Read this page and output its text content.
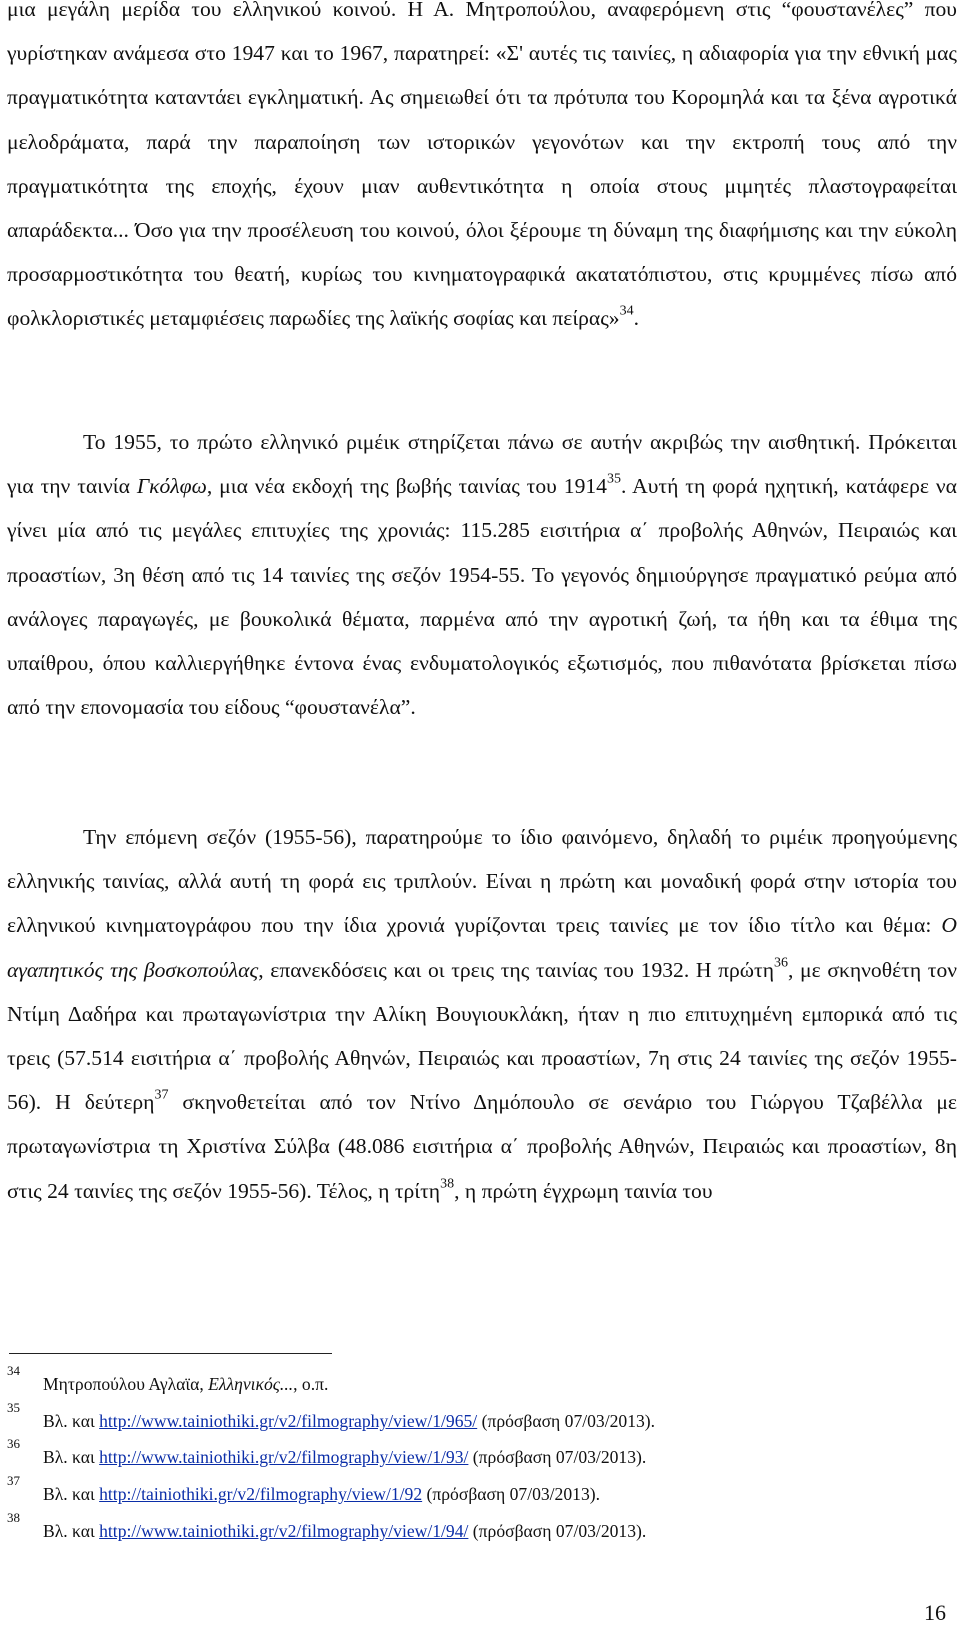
μια μεγάλη μερίδα του ελληνικού κοινού. Η Α. Μητροπούλου, αναφερόμενη στις “φουστανέλες” που γυρίστηκαν ανάμεσα στο 1947 και το 1967, παρατηρεί: «Σ' αυτές τις ταινίες, η αδιαφορία για την εθνική μας πραγματικότητα καταντάει εγκληματική. Ας σημειωθεί ότι τα πρότυπα του Κορομηλά και τα ξένα αγροτικά μελοδράματα, παρά την παραποίηση των ιστορικών γεγονότων και την εκτροπή τους από την πραγματικότητα της εποχής, έχουν μιαν αυθεντικότητα η οποία στους μιμητές πλαστογραφείται απαράδεκτα... Όσο για την προσέλευση του κοινού, όλοι ξέρουμε τη δύναμη της διαφήμισης και την εύκολη προσαρμοστικότητα του θεατή, κυρίως του κινηματογραφικά ακατατόπιστου, στις κρυμμένες πίσω από φολκλοριστικές μεταμφιέσεις παρωδίες της λαϊκής σοφίας και πείρας»$^{34}$.

Το 1955, το πρώτο ελληνικό ριμέικ στηρίζεται πάνω σε αυτήν ακριβώς την αισθητική. Πρόκειται για την ταινία Γκόλφω, μια νέα εκδοχή της βωβής ταινίας του 1914$^{35}$. Αυτή τη φορά ηχητική, κατάφερε να γίνει μία από τις μεγάλες επιτυχίες της χρονιάς: 115.285 εισιτήρια α΄ προβολής Αθηνών, Πειραιώς και προαστίων, 3η θέση από τις 14 ταινίες της σεζόν 1954-55. Το γεγονός δημιούργησε πραγματικό ρεύμα από ανάλογες παραγωγές, με βουκολικά θέματα, παρμένα από την αγροτική ζωή, τα ήθη και τα έθιμα της υπαίθρου, όπου καλλιεργήθηκε έντονα ένας ενδυματολογικός εξωτισμός, που πιθανότατα βρίσκεται πίσω από την επονομασία του είδους “φουστανέλα”.

Την επόμενη σεζόν (1955-56), παρατηρούμε το ίδιο φαινόμενο, δηλαδή το ριμέικ προηγούμενης ελληνικής ταινίας, αλλά αυτή τη φορά εις τριπλούν. Είναι η πρώτη και μοναδική φορά στην ιστορία του ελληνικού κινηματογράφου που την ίδια χρονιά γυρίζονται τρεις ταινίες με τον ίδιο τίτλο και θέμα: Ο αγαπητικός της βοσκοπούλας, επανεκδόσεις και οι τρεις της ταινίας του 1932. Η πρώτη$^{36}$, με σκηνοθέτη τον Ντίμη Δαδήρα και πρωταγωνίστρια την Αλίκη Βουγιουκλάκη, ήταν η πιο επιτυχημένη εμπορικά από τις τρεις (57.514 εισιτήρια α΄ προβολής Αθηνών, Πειραιώς και προαστίων, 7η στις 24 ταινίες της σεζόν 1955-56). Η δεύτερη$^{37}$ σκηνοθετείται από τον Ντίνο Δημόπουλο σε σενάριο του Γιώργου Τζαβέλλα με πρωταγωνίστρια τη Χριστίνα Σύλβα (48.086 εισιτήρια α΄ προβολής Αθηνών, Πειραιώς και προαστίων, 8η στις 24 ταινίες της σεζόν 1955-56). Τέλος, η τρίτη$^{38}$, η πρώτη έγχρωμη ταινία του

34
Μητροπούλου Αγλαϊα, Ελληνικός..., ο.π.
35
Βλ. και http://www.tainiothiki.gr/v2/filmography/view/1/965/ (πρόσβαση 07/03/2013).
36
Βλ. και http://www.tainiothiki.gr/v2/filmography/view/1/93/ (πρόσβαση 07/03/2013).
37
Βλ. και http://tainiothiki.gr/v2/filmography/view/1/92 (πρόσβαση 07/03/2013).
38
Βλ. και http://www.tainiothiki.gr/v2/filmography/view/1/94/ (πρόσβαση 07/03/2013).
16
